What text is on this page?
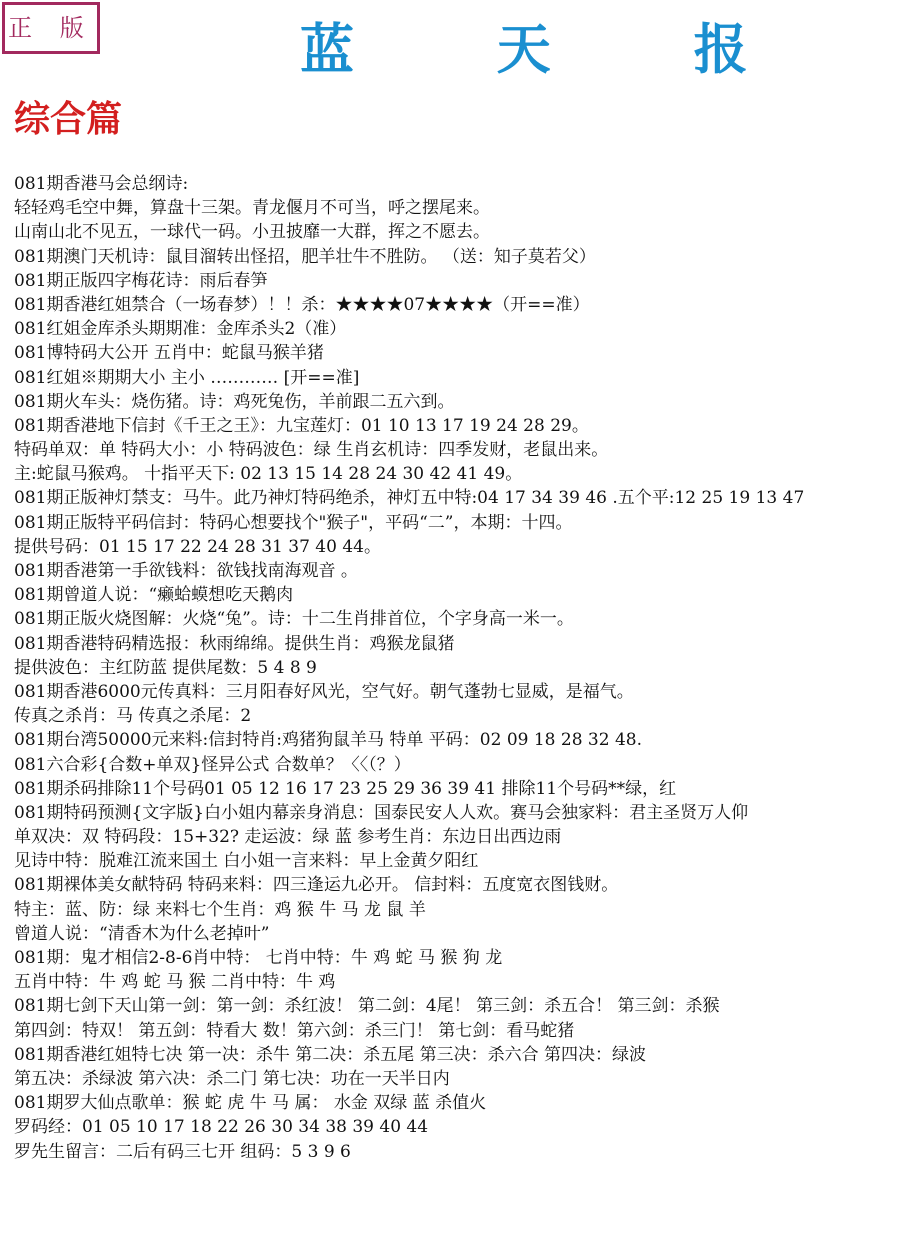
正 版	蓝 天 报
综合篇
081期香港马会总纲诗:
轻轻鸡毛空中舞，算盘十三架。青龙偃月不可当，呼之摆尾来。
山南山北不见五，一球代一码。小丑披靡一大群，挥之不愿去。
081期澳门天机诗：鼠目溜转出怪招，肥羊壮牛不胜防。 （送：知子莫若父）
081期正版四字梅花诗：雨后春笋
081期香港红姐禁合（一场春梦）！！杀：★★★★07★★★★（开==准）
081红姐金库杀头期期准：金库杀头2（准）
081博特码大公开 五肖中：蛇鼠马猴羊猪
081红姐※期期大小 主小 ………… [开==准]
081期火车头：烧伤猪。诗：鸡死兔伤，羊前跟二五六到。
081期香港地下信封《千王之王》：九宝莲灯：01 10 13 17 19 24 28 29。
特码单双：单 特码大小：小 特码波色：绿 生肖玄机诗：四季发财，老鼠出来。
主:蛇鼠马猴鸡。 十指平天下: 02 13 15 14 28 24 30 42 41 49。
081期正版神灯禁支：马牛。此乃神灯特码绝杀，神灯五中特:04 17 34 39 46 .五个平:12 25 19 13 47
081期正版特平码信封：特码心想要找个"猴子"，平码“二”，本期：十四。
提供号码：01 15 17 22 24 28 31 37 40 44。
081期香港第一手欲钱料：欲钱找南海观音 。
081期曾道人说：“癞蛤蟆想吃天鹅肉
081期正版火烧图解：火烧“兔”。诗：十二生肖排首位，个字身高一米一。
081期香港特码精选报：秋雨绵绵。提供生肖：鸡猴龙鼠猪
提供波色：主红防蓝 提供尾数：5 4 8 9
081期香港6000元传真料：三月阳春好风光，空气好。朝气蓬勃七显威，是福气。
传真之杀肖：马 传真之杀尾：2
081期台湾50000元来料:信封特肖:鸡猪狗鼠羊马 特单 平码：02 09 18 28 32 48.
081六合彩{合数+单双}怪异公式 合数单？〈〈（？）
081期杀码排除11个号码01 05 12 16 17 23 25 29 36 39 41 排除11个号码**绿，红
081期特码预测{文字版}白小姐内幕亲身消息：国泰民安人人欢。赛马会独家料：君主圣贤万人仰
单双决：双 特码段：15+32? 走运波：绿 蓝 参考生肖：东边日出西边雨
见诗中特：脱难江流来国土 白小姐一言来料：早上金黄夕阳红
081期裸体美女献特码 特码来料：四三逢运九必开。 信封料：五度宽衣图钱财。
特主：蓝、防：绿 来料七个生肖：鸡 猴 牛 马 龙 鼠 羊
曾道人说：“清香木为什么老掉叶”
081期：鬼才相信2-8-6肖中特： 七肖中特：牛 鸡 蛇 马 猴 狗 龙
五肖中特：牛 鸡 蛇 马 猴 二肖中特：牛 鸡
081期七剑下天山第一剑：第一剑：杀红波！ 第二剑：4尾！ 第三剑：杀五合！ 第三剑：杀猴
第四剑：特双！ 第五剑：特看大 数！第六剑：杀三门！ 第七剑：看马蛇猪
081期香港红姐特七决 第一决：杀牛 第二决：杀五尾 第三决：杀六合 第四决：绿波
第五决：杀绿波 第六决：杀二门 第七决：功在一天半日内
081期罗大仙点歌单：猴 蛇 虎 牛 马 属： 水金 双绿 蓝 杀值火
罗码经：01 05 10 17 18 22 26 30 34 38 39 40 44
罗先生留言：二后有码三七开 组码：5 3 9 6
